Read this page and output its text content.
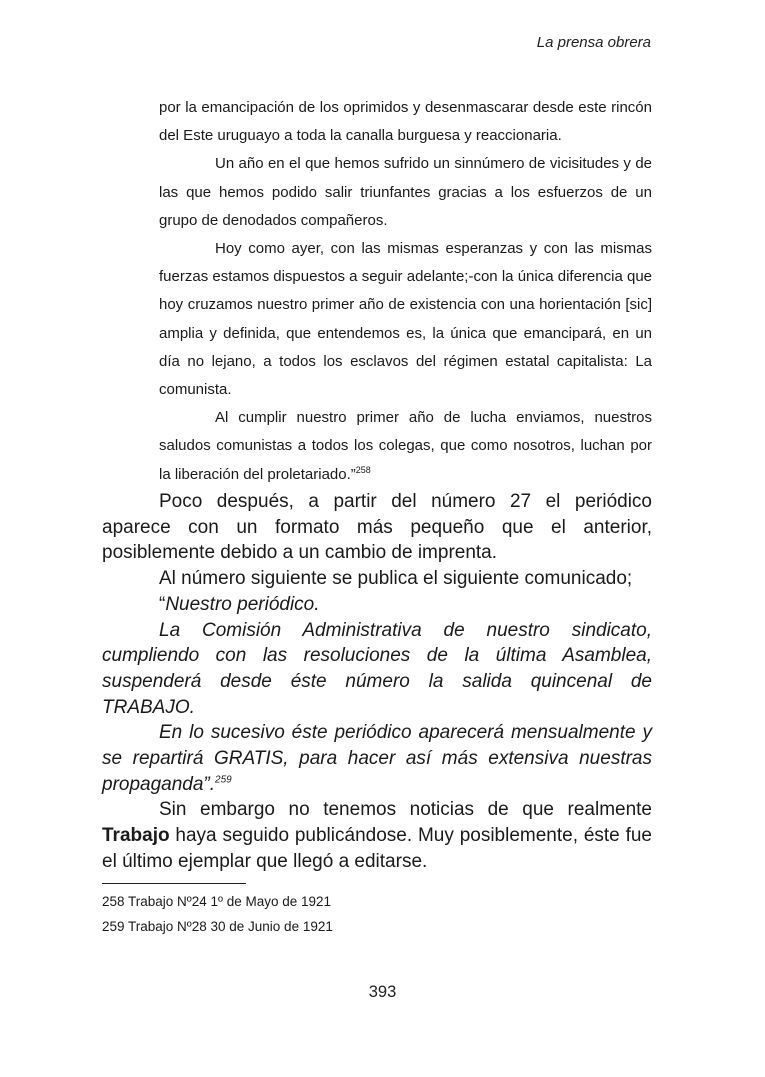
La prensa obrera

por la emancipación de los oprimidos y desenmascarar desde este rincón del Este uruguayo a toda la canalla burguesa y reaccionaria.

Un año en el que hemos sufrido un sinnúmero de vicisitudes y de las que hemos podido salir triunfantes gracias a los esfuerzos de un grupo de denodados compañeros.

Hoy como ayer, con las mismas esperanzas y con las mismas fuerzas estamos dispuestos a seguir adelante;-con la única diferencia que hoy cruzamos nuestro primer año de existencia con una horientación [sic] amplia y definida, que entendemos es, la única que emancipará, en un día no lejano, a todos los esclavos del régimen estatal capitalista: La comunista.

Al cumplir nuestro primer año de lucha enviamos, nuestros saludos comunistas a todos los colegas, que como nosotros, luchan por la liberación del proletariado.”$^{258}$

Poco después, a partir del número 27 el periódico aparece con un formato más pequeño que el anterior, posiblemente debido a un cambio de imprenta.

Al número siguiente se publica el siguiente comunicado;

“Nuestro periódico.

La Comisión Administrativa de nuestro sindicato, cumpliendo con las resoluciones de la última Asamblea, suspenderá desde éste número la salida quincenal de TRABAJO.

En lo sucesivo éste periódico aparecerá mensualmente y se repartirá GRATIS, para hacer así más extensiva nuestras propaganda”.$^{259}$

Sin embargo no tenemos noticias de que realmente Trabajo haya seguido publicándose. Muy posiblemente, éste fue el último ejemplar que llegó a editarse.

258 Trabajo Nº24 1º de Mayo de 1921

259 Trabajo Nº28 30 de Junio de 1921

393
